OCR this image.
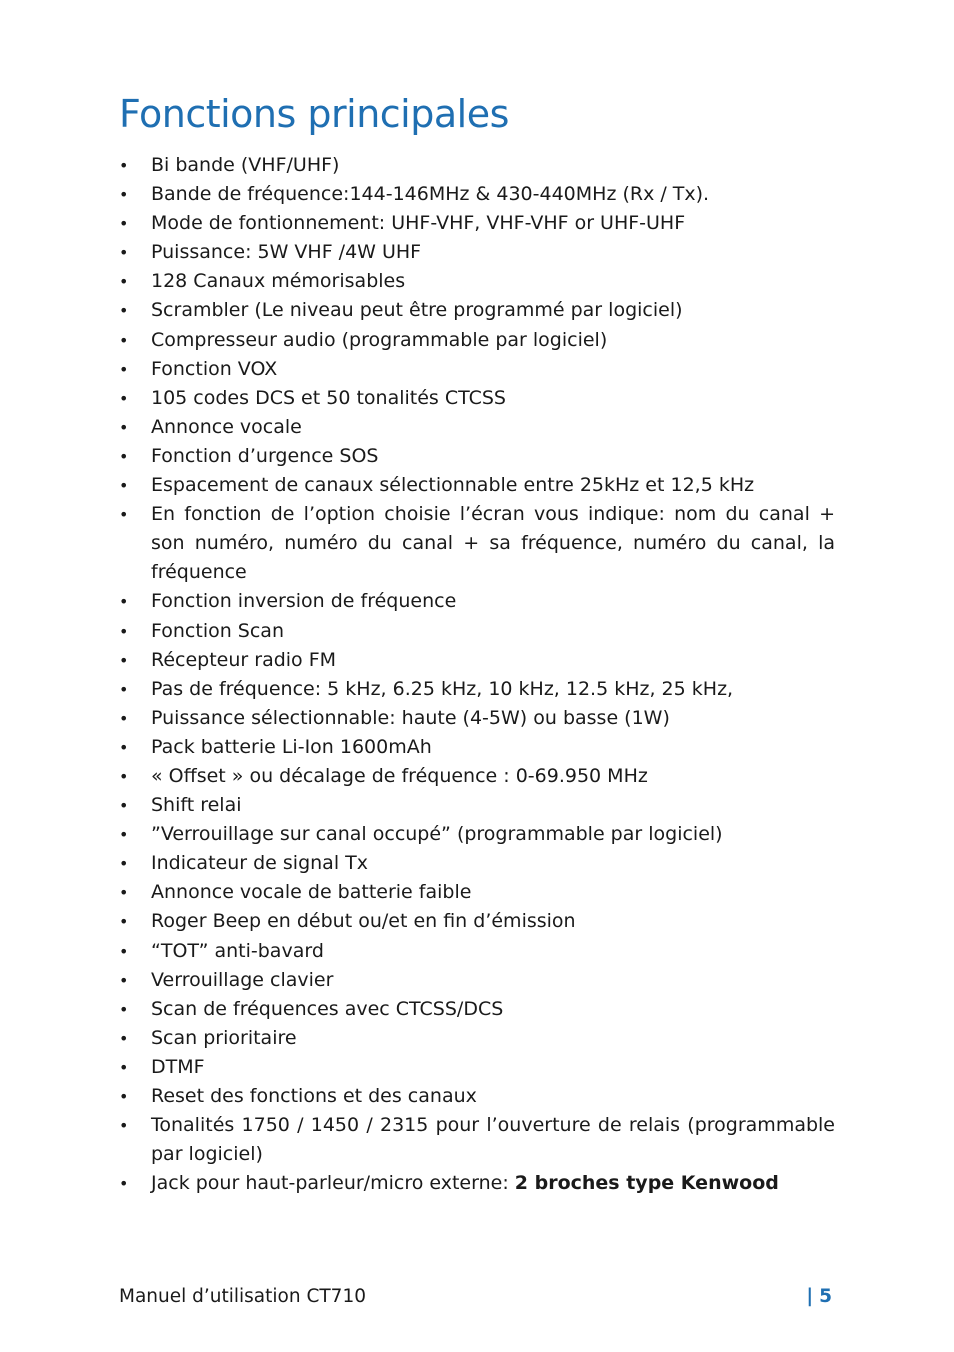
Fonctions principales
• Bi bande (VHF/UHF)
• Bande de fréquence:144-146MHz & 430-440MHz (Rx / Tx).
• Mode de fontionnement: UHF-VHF, VHF-VHF or UHF-UHF
• Puissance: 5W VHF /4W UHF
• 128 Canaux mémorisables
• Scrambler (Le niveau peut être programmé par logiciel)
• Compresseur audio (programmable par logiciel)
• Fonction VOX
• 105 codes DCS et 50 tonalités CTCSS
• Annonce vocale
• Fonction d’urgence SOS
• Espacement de canaux sélectionnable entre 25kHz et 12,5 kHz
• En fonction de l’option choisie l’écran vous indique: nom du canal + son numéro, numéro du canal + sa fréquence, numéro du canal, la fréquence
• Fonction inversion de fréquence
• Fonction Scan
• Récepteur radio FM
• Pas de fréquence: 5 kHz, 6.25 kHz, 10 kHz, 12.5 kHz, 25 kHz,
• Puissance sélectionnable: haute (4-5W) ou basse (1W)
• Pack batterie Li-Ion 1600mAh
• « Offset » ou décalage de fréquence : 0-69.950 MHz
• Shift relai
• ”Verrouillage sur canal occupé” (programmable par logiciel)
• Indicateur de signal Tx
• Annonce vocale de batterie faible
• Roger Beep en début ou/et en fin d’émission
• “TOT” anti-bavard
• Verrouillage clavier
• Scan de fréquences avec CTCSS/DCS
• Scan prioritaire
• DTMF
• Reset des fonctions et des canaux
• Tonalités 1750 / 1450 / 2315 pour l’ouverture de relais (programmable par logiciel)
• Jack pour haut-parleur/micro externe: 2 broches type Kenwood
Manuel d’utilisation CT710	| 5
